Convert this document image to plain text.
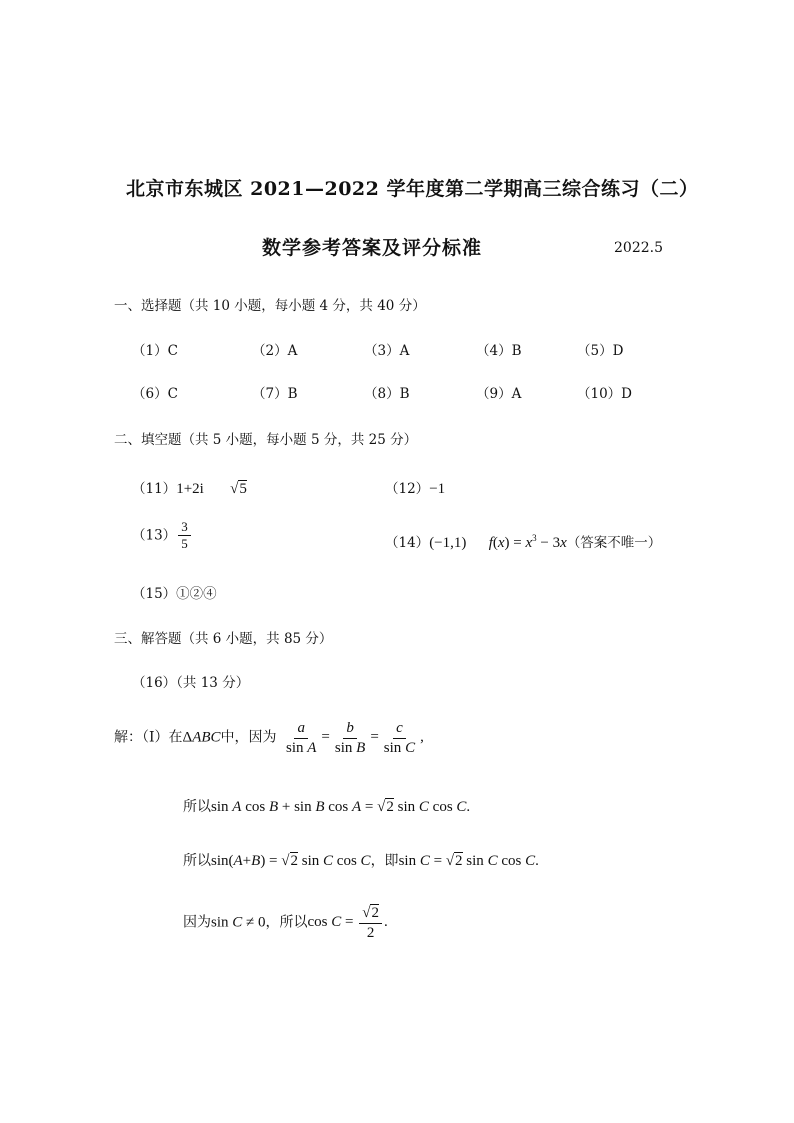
北京市东城区 2021—2022 学年度第二学期高三综合练习（二）
数学参考答案及评分标准	2022.5
一、选择题（共 10 小题，每小题 4 分，共 40 分）
（1）C	（2）A	（3）A	（4）B	（5）D
（6）C	（7）B	（8）B	（9）A	（10）D
二、填空题（共 5 小题，每小题 5 分，共 25 分）
（11）1+2i √5	（12）−1
$(13) \frac{3}{5}$	（14）(−1,1) $f(x) = x^3 - 3x$（答案不唯一）
（15）①②④
三、解答题（共 6 小题，共 85 分）
（16）（共 13 分）
解：（Ⅰ）在ΔABC中，因为 $\frac{a}{\text{sin A}} = \frac{b}{\text{sin B}} = \frac{c}{\text{sin C}}$ ,
所以sin A cos B + sin B cos A = √2 sin C cos C.
所以sin(A+B) = √2 sin C cos C，即sin C = √2 sin C cos C.
因为sin C ≠ 0，所以$\cos C = \frac{√2}{2}$ .
